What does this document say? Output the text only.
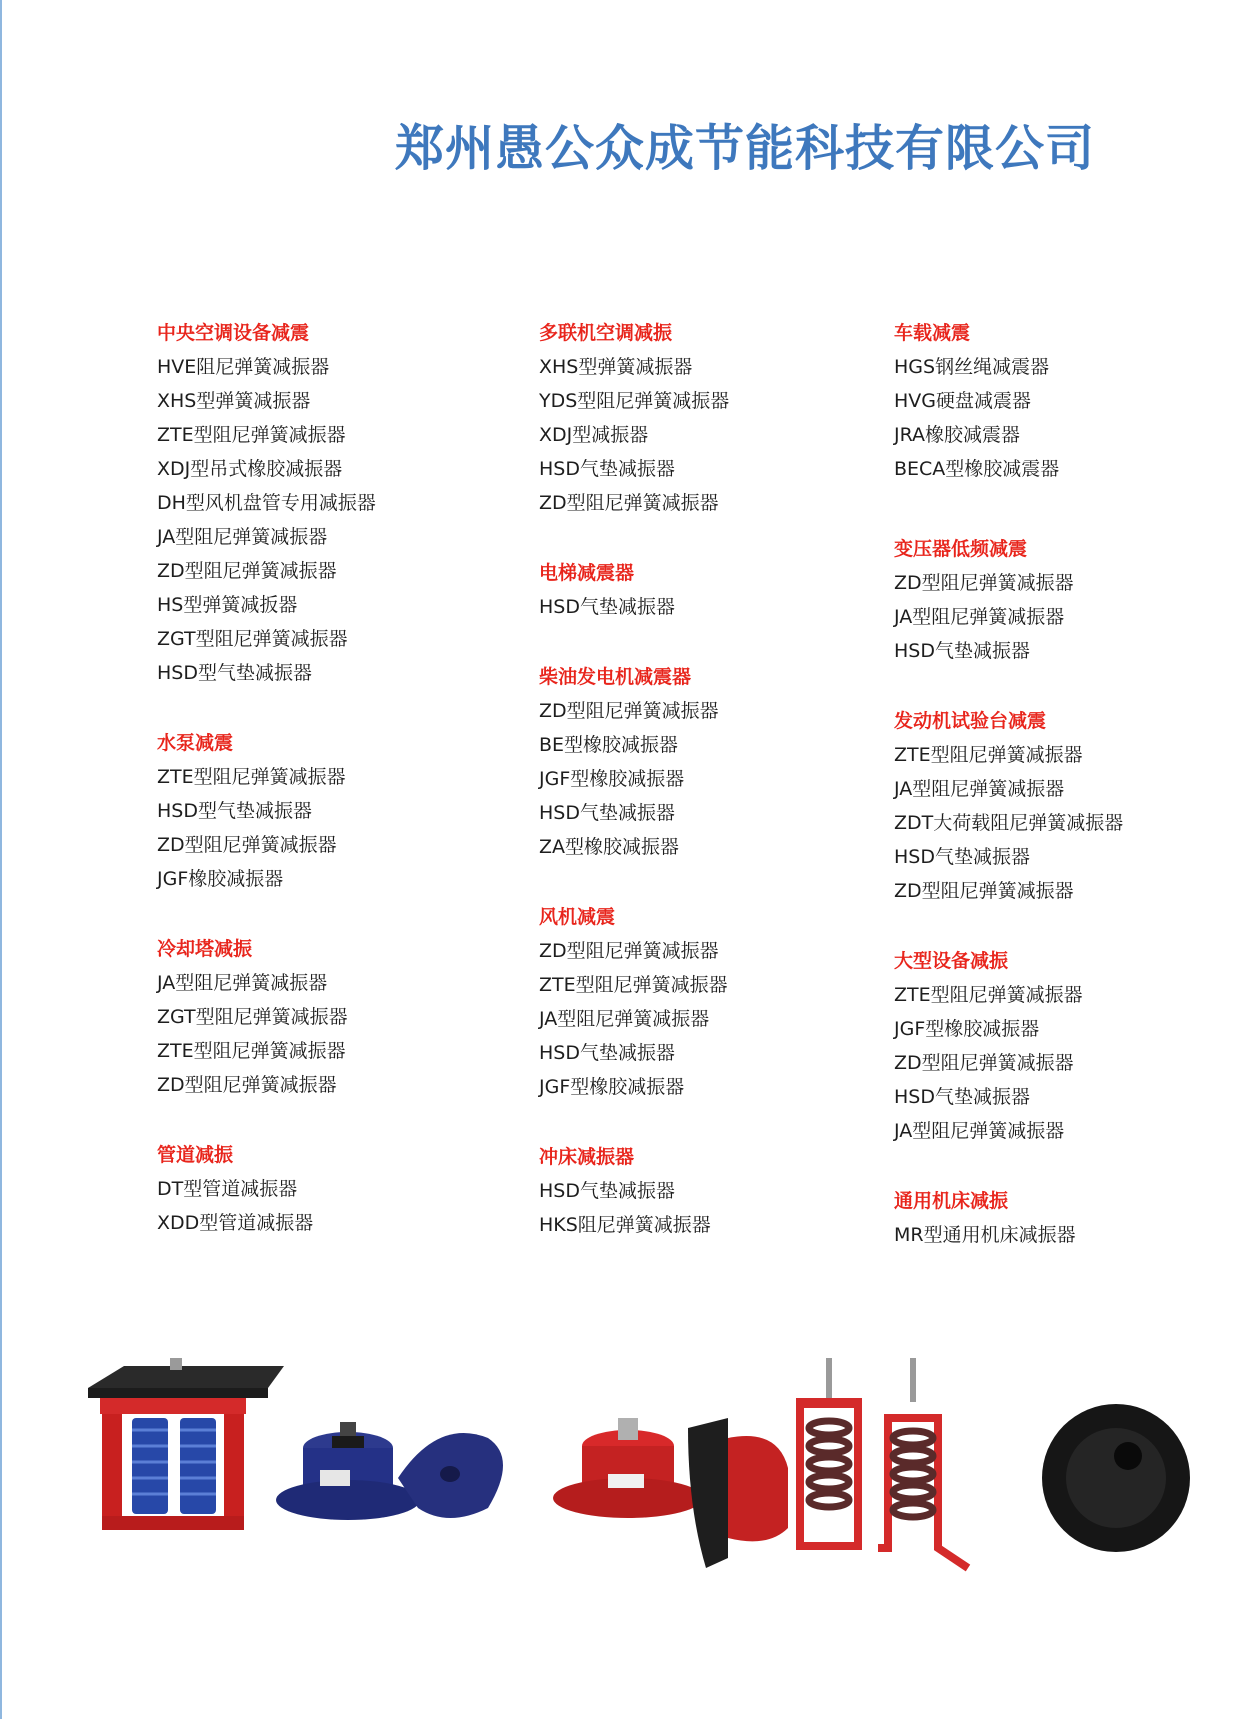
郑州愚公众成节能科技有限公司
中央空调设备减震
HVE阻尼弹簧减振器
XHS型弹簧减振器
ZTE型阻尼弹簧减振器
XDJ型吊式橡胶减振器
DH型风机盘管专用减振器
JA型阻尼弹簧减振器
ZD型阻尼弹簧减振器
HS型弹簧减扳器
ZGT型阻尼弹簧减振器
HSD型气垫减振器
水泵减震
ZTE型阻尼弹簧减振器
HSD型气垫减振器
ZD型阻尼弹簧减振器
JGF橡胶减振器
冷却塔减振
JA型阻尼弹簧减振器
ZGT型阻尼弹簧减振器
ZTE型阻尼弹簧减振器
ZD型阻尼弹簧减振器
管道减振
DT型管道减振器
XDD型管道减振器
多联机空调减振
XHS型弹簧减振器
YDS型阻尼弹簧减振器
XDJ型减振器
HSD气垫减振器
ZD型阻尼弹簧减振器
电梯减震器
HSD气垫减振器
柴油发电机减震器
ZD型阻尼弹簧减振器
BE型橡胶减振器
JGF型橡胶减振器
HSD气垫减振器
ZA型橡胶减振器
风机减震
ZD型阻尼弹簧减振器
ZTE型阻尼弹簧减振器
JA型阻尼弹簧减振器
HSD气垫减振器
JGF型橡胶减振器
冲床减振器
HSD气垫减振器
HKS阻尼弹簧减振器
车载减震
HGS钢丝绳减震器
HVG硬盘减震器
JRA橡胶减震器
BECA型橡胶减震器
变压器低频减震
ZD型阻尼弹簧减振器
JA型阻尼弹簧减振器
HSD气垫减振器
发动机试验台减震
ZTE型阻尼弹簧减振器
JA型阻尼弹簧减振器
ZDT大荷载阻尼弹簧减振器
HSD气垫减振器
ZD型阻尼弹簧减振器
大型设备减振
ZTE型阻尼弹簧减振器
JGF型橡胶减振器
ZD型阻尼弹簧减振器
HSD气垫减振器
JA型阻尼弹簧减振器
通用机床减振
MR型通用机床减振器
